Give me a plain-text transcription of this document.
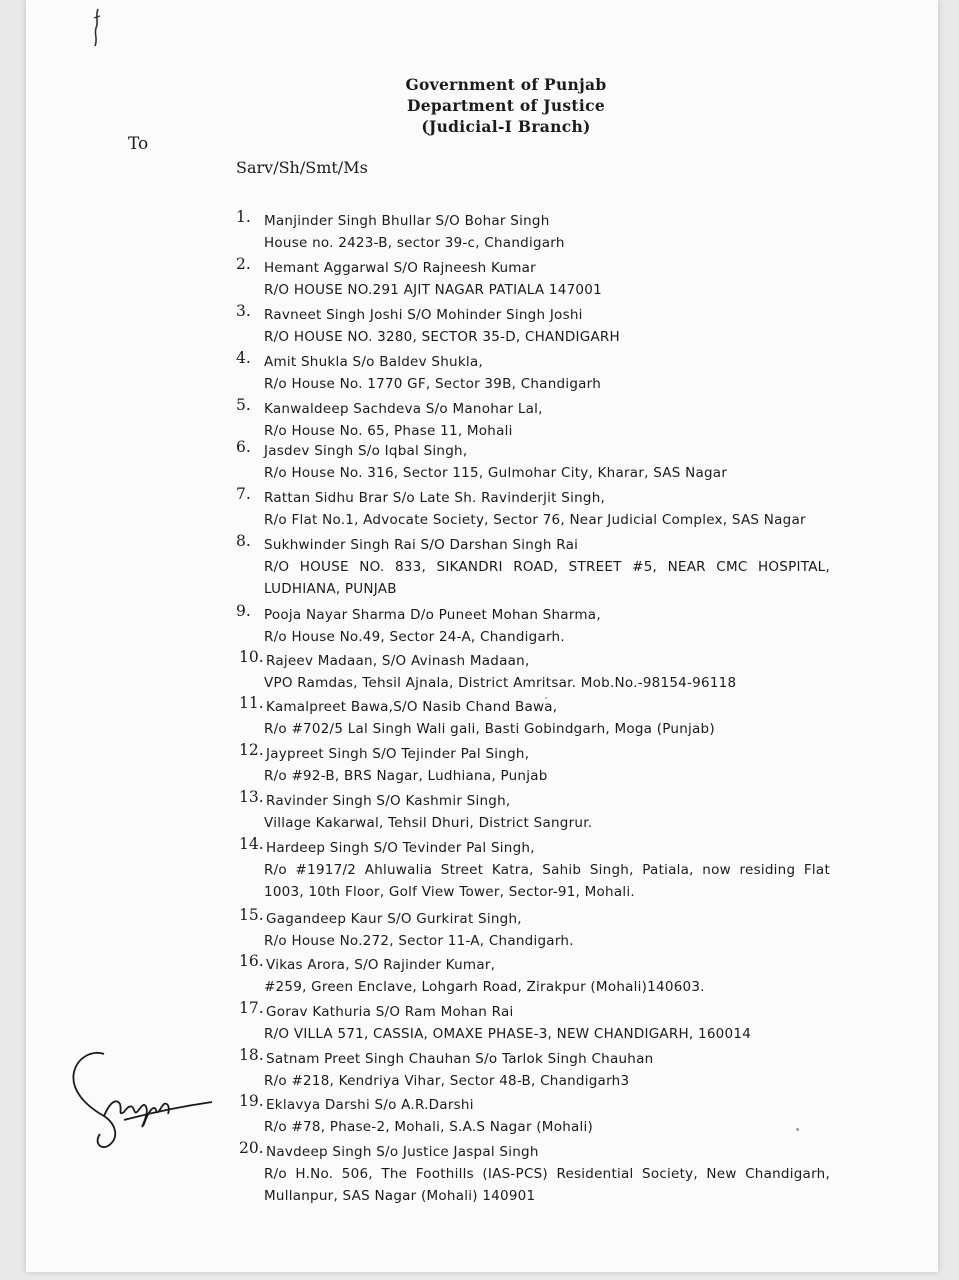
Government of Punjab
Department of Justice
(Judicial-I Branch)
To
Sarv/Sh/Smt/Ms
1. Manjinder Singh Bhullar S/O Bohar Singh
House no. 2423-B, sector 39-c, Chandigarh
2. Hemant Aggarwal S/O Rajneesh Kumar
R/O HOUSE NO.291 AJIT NAGAR PATIALA 147001
3. Ravneet Singh Joshi S/O Mohinder Singh Joshi
R/O HOUSE NO. 3280, SECTOR 35-D, CHANDIGARH
4. Amit Shukla S/o Baldev Shukla,
R/o House No. 1770 GF, Sector 39B, Chandigarh
5. Kanwaldeep Sachdeva S/o Manohar Lal,
R/o House No. 65, Phase 11, Mohali
6. Jasdev Singh S/o Iqbal Singh,
R/o House No. 316, Sector 115, Gulmohar City, Kharar, SAS Nagar
7. Rattan Sidhu Brar S/o Late Sh. Ravinderjit Singh,
R/o Flat No.1, Advocate Society, Sector 76, Near Judicial Complex, SAS Nagar
8. Sukhwinder Singh Rai S/O Darshan Singh Rai
R/O HOUSE NO. 833, SIKANDRI ROAD, STREET #5, NEAR CMC HOSPITAL,
LUDHIANA, PUNJAB
9. Pooja Nayar Sharma D/o Puneet Mohan Sharma,
R/o House No.49, Sector 24-A, Chandigarh.
10. Rajeev Madaan, S/O Avinash Madaan,
VPO Ramdas, Tehsil Ajnala, District Amritsar. Mob.No.-98154-96118
11. Kamalpreet Bawa,S/O Nasib Chand Bawa,
R/o #702/5 Lal Singh Wali gali, Basti Gobindgarh, Moga (Punjab)
12. Jaypreet Singh S/O Tejinder Pal Singh,
R/o #92-B, BRS Nagar, Ludhiana, Punjab
13. Ravinder Singh S/O Kashmir Singh,
Village Kakarwal, Tehsil Dhuri, District Sangrur.
14. Hardeep Singh S/O Tevinder Pal Singh,
R/o #1917/2 Ahluwalia Street Katra, Sahib Singh, Patiala, now residing Flat
1003, 10th Floor, Golf View Tower, Sector-91, Mohali.
15. Gagandeep Kaur S/O Gurkirat Singh,
R/o House No.272, Sector 11-A, Chandigarh.
16. Vikas Arora, S/O Rajinder Kumar,
#259, Green Enclave, Lohgarh Road, Zirakpur (Mohali)140603.
17. Gorav Kathuria S/O Ram Mohan Rai
R/O VILLA 571, CASSIA, OMAXE PHASE-3, NEW CHANDIGARH, 160014
18. Satnam Preet Singh Chauhan S/o Tarlok Singh Chauhan
R/o #218, Kendriya Vihar, Sector 48-B, Chandigarh3
19. Eklavya Darshi S/o A.R.Darshi
R/o #78, Phase-2, Mohali, S.A.S Nagar (Mohali)
20. Navdeep Singh S/o Justice Jaspal Singh
R/o H.No. 506, The Foothills (IAS-PCS) Residential Society, New Chandigarh,
Mullanpur, SAS Nagar (Mohali) 140901
